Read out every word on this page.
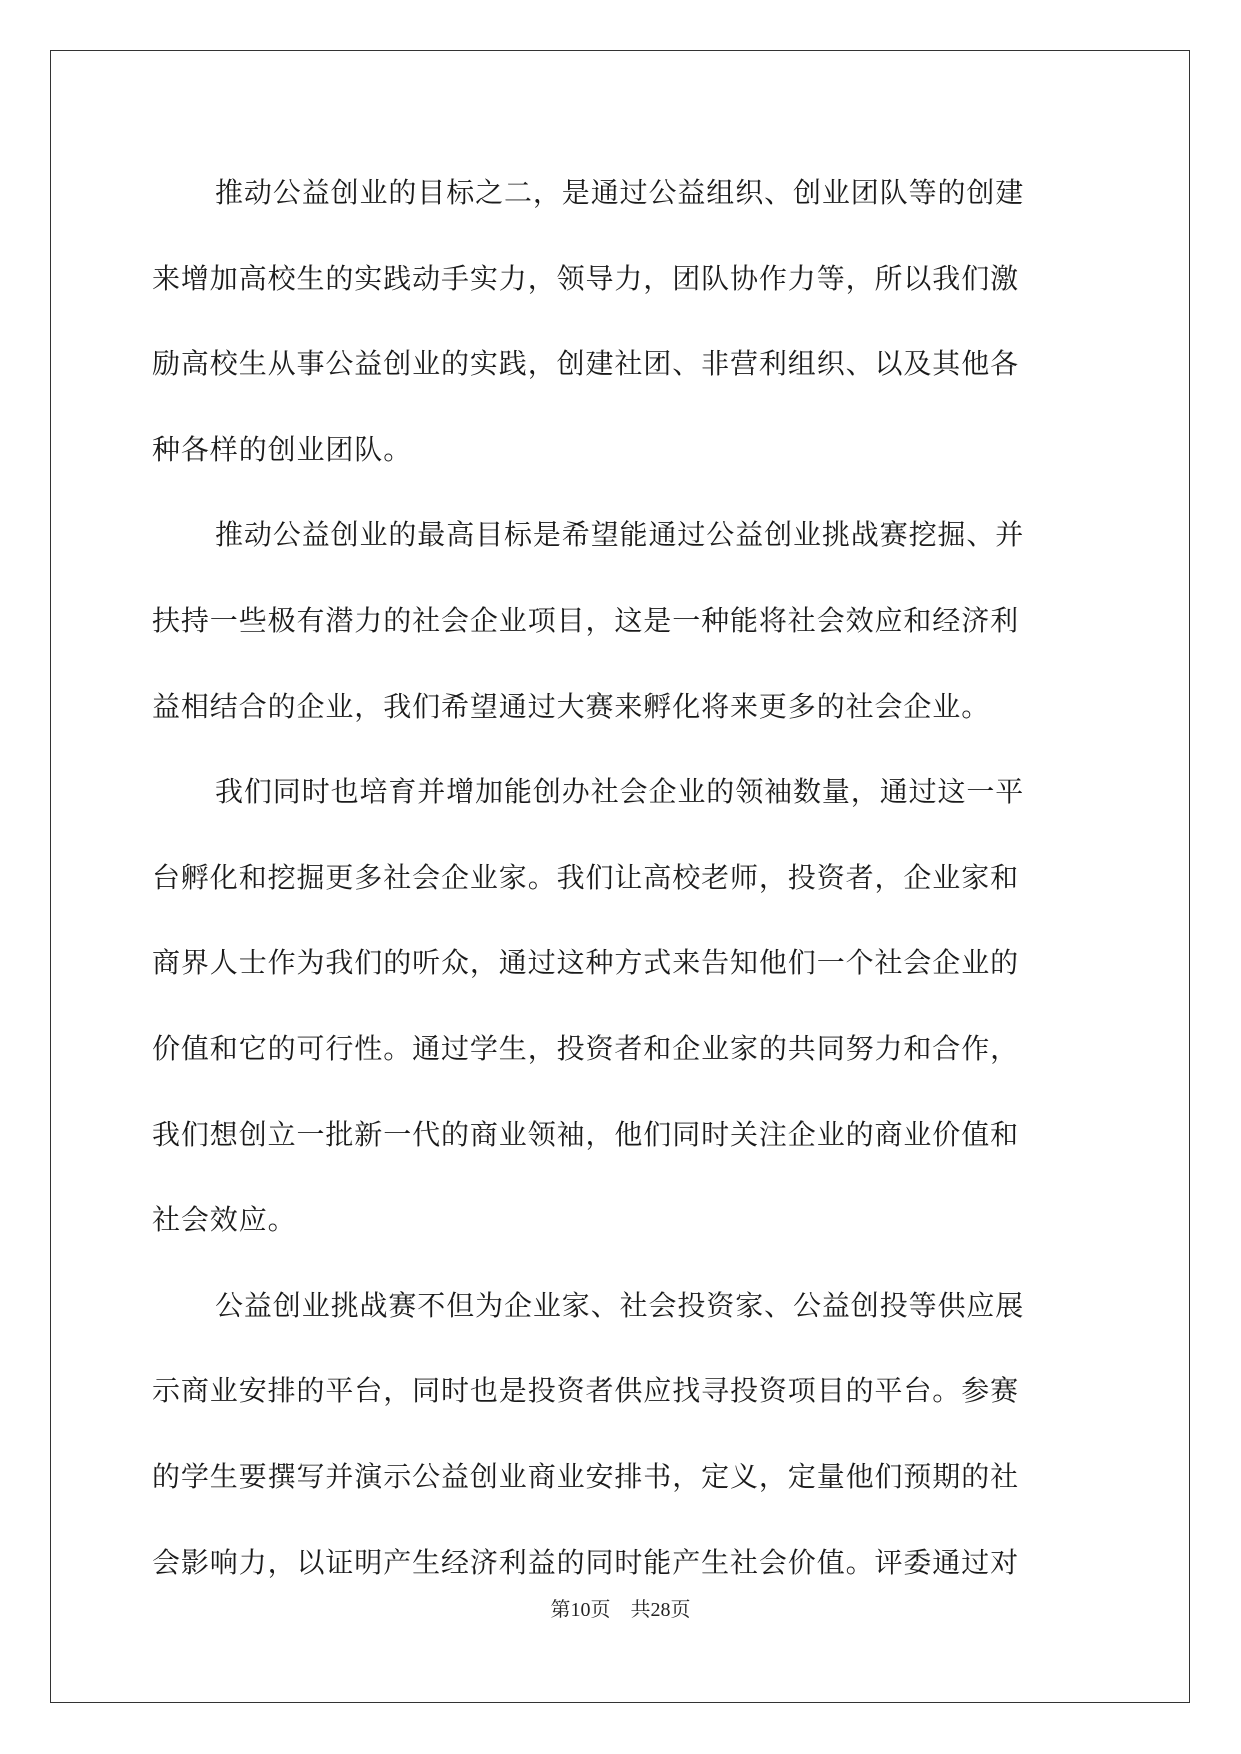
推动公益创业的目标之二，是通过公益组织、创业团队等的创建
来增加高校生的实践动手实力，领导力，团队协作力等，所以我们激
励高校生从事公益创业的实践，创建社团、非营利组织、以及其他各
种各样的创业团队。
推动公益创业的最高目标是希望能通过公益创业挑战赛挖掘、并
扶持一些极有潜力的社会企业项目，这是一种能将社会效应和经济利
益相结合的企业，我们希望通过大赛来孵化将来更多的社会企业。
我们同时也培育并增加能创办社会企业的领袖数量，通过这一平
台孵化和挖掘更多社会企业家。我们让高校老师，投资者，企业家和
商界人士作为我们的听众，通过这种方式来告知他们一个社会企业的
价值和它的可行性。通过学生，投资者和企业家的共同努力和合作，
我们想创立一批新一代的商业领袖，他们同时关注企业的商业价值和
社会效应。
公益创业挑战赛不但为企业家、社会投资家、公益创投等供应展
示商业安排的平台，同时也是投资者供应找寻投资项目的平台。参赛
的学生要撰写并演示公益创业商业安排书，定义，定量他们预期的社
会影响力，以证明产生经济利益的同时能产生社会价值。评委通过对
第10页 共28页
